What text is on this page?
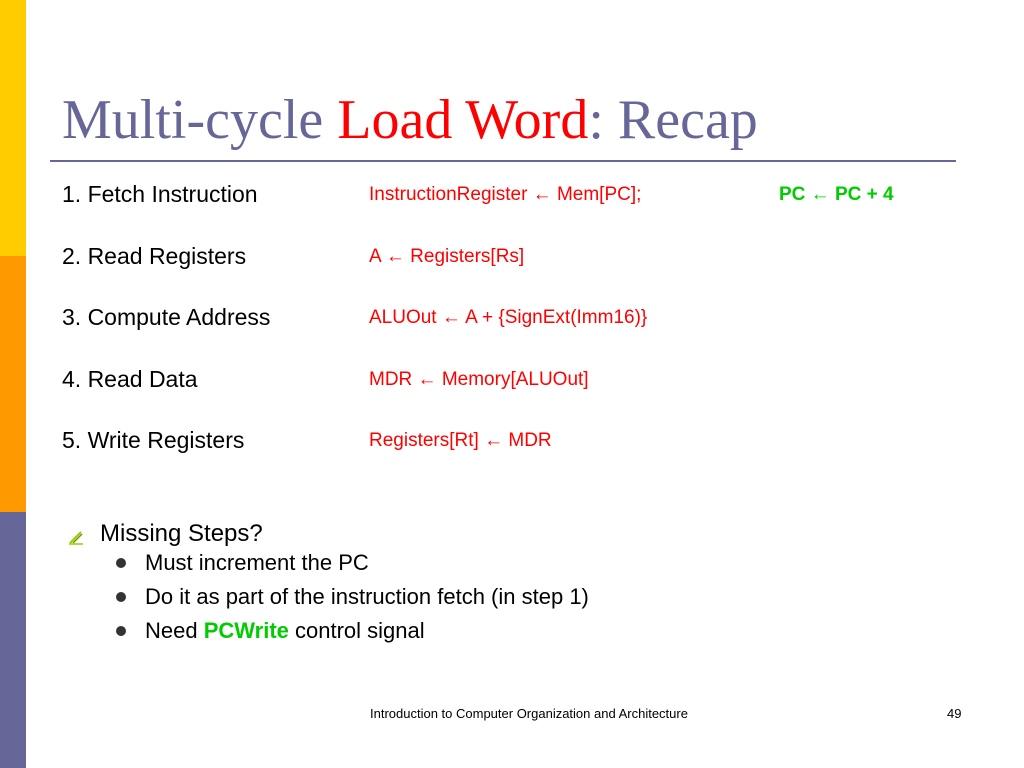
Multi-cycle Load Word: Recap
1. Fetch Instruction	InstructionRegister ← Mem[PC];	PC ← PC + 4
2. Read Registers	A ← Registers[Rs]
3. Compute Address	ALUOut ← A + {SignExt(Imm16)}
4. Read Data	MDR ← Memory[ALUOut]
5. Write Registers	Registers[Rt] ← MDR
Missing Steps?
Must increment the PC
Do it as part of the instruction fetch (in step 1)
Need PCWrite control signal
Introduction to Computer Organization and Architecture	49
